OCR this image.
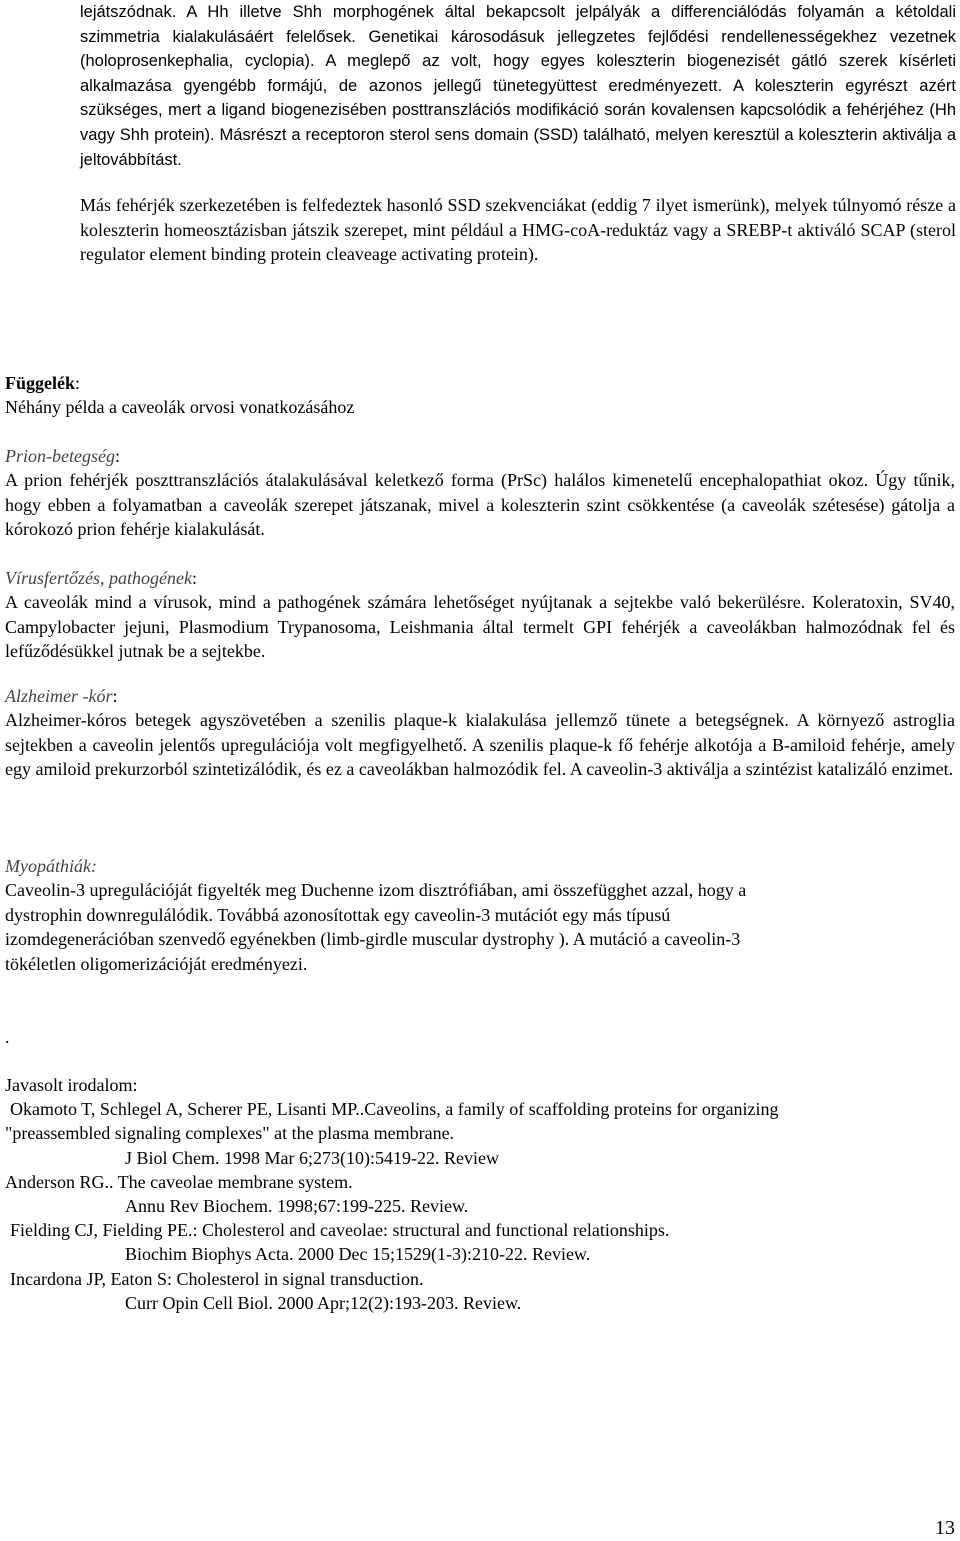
lejátszódnak. A Hh illetve Shh morphogének által bekapcsolt jelpályák a differenciálódás folyamán a kétoldali szimmetria kialakulásáért felelősek. Genetikai károsodásuk jellegzetes fejlődési rendellenességekhez vezetnek (holoprosenkephalia, cyclopia). A meglepő az volt, hogy egyes koleszterin biogenezisét gátló szerek kísérleti alkalmazása gyengébb formájú, de azonos jellegű tünetegyüttest eredményezett. A koleszterin egyrészt azért szükséges, mert a ligand biogenezisében posttranszlációs modifikáció során kovalensen kapcsolódik a fehérjéhez (Hh vagy Shh protein). Másrészt a receptoron sterol sens domain (SSD) található, melyen keresztül a koleszterin aktiválja a jeltovábbítást.

Más fehérjék szerkezetében is felfedeztek hasonló SSD szekvenciákat (eddig 7 ilyet ismerünk), melyek túlnyomó része a koleszterin homeosztázisban játszik szerepet, mint például a HMG-coA-reduktáz vagy a SREBP-t aktiváló SCAP (sterol regulator element binding protein cleaveage activating protein).

Függelék:

Néhány példa a caveolák orvosi vonatkozásához

Prion-betegség:

A prion fehérjék poszttranszlációs átalakulásával keletkező forma (PrSc) halálos kimenetelű encephalopathiat okoz. Úgy tűnik, hogy ebben a folyamatban a caveolák szerepet játszanak, mivel a koleszterin szint csökkentése (a caveolák szétesése) gátolja a kórokozó prion fehérje kialakulását.

Vírusfertőzés, pathogének:

A caveolák mind a vírusok, mind a pathogének számára lehetőséget nyújtanak a sejtekbe való bekerülésre. Koleratoxin, SV40, Campylobacter jejuni, Plasmodium Trypanosoma, Leishmania által termelt GPI fehérjék a caveolákban halmozódnak fel és lefűződésükkel jutnak be a sejtekbe.

Alzheimer -kór:

Alzheimer-kóros betegek agyszövetében a szenilis plaque-k kialakulása jellemző tünete a betegségnek. A környező astroglia sejtekben a caveolin jelentős upregulációja volt megfigyelhető. A szenilis plaque-k fő fehérje alkotója a B-amiloid fehérje, amely egy amiloid prekurzorból szintetizálódik, és ez a caveolákban halmozódik fel. A caveolin-3 aktiválja a szintézist katalizáló enzimet.

Myopáthiák:

Caveolin-3 upregulációját figyelték meg Duchenne izom disztrófiában, ami összefügghet azzal, hogy a

dystrophin downregulálódik. Továbbá azonosítottak egy caveolin-3 mutációt egy más típusú

izomdegenerációban szenvedő egyénekben (limb-girdle muscular dystrophy ). A mutáció a caveolin-3

tökéletlen oligomerizációját eredményezi.

.

Javasolt irodalom:

Okamoto T, Schlegel A, Scherer PE, Lisanti MP..Caveolins, a family of scaffolding proteins for organizing

"preassembled signaling complexes" at the plasma membrane.

J Biol Chem. 1998 Mar 6;273(10):5419-22. Review

Anderson RG.. The caveolae membrane system.

Annu Rev Biochem. 1998;67:199-225. Review.

Fielding CJ, Fielding PE.: Cholesterol and caveolae: structural and functional relationships.

Biochim Biophys Acta. 2000 Dec 15;1529(1-3):210-22. Review.

Incardona JP, Eaton S: Cholesterol in signal transduction.

Curr Opin Cell Biol. 2000 Apr;12(2):193-203. Review.

13
